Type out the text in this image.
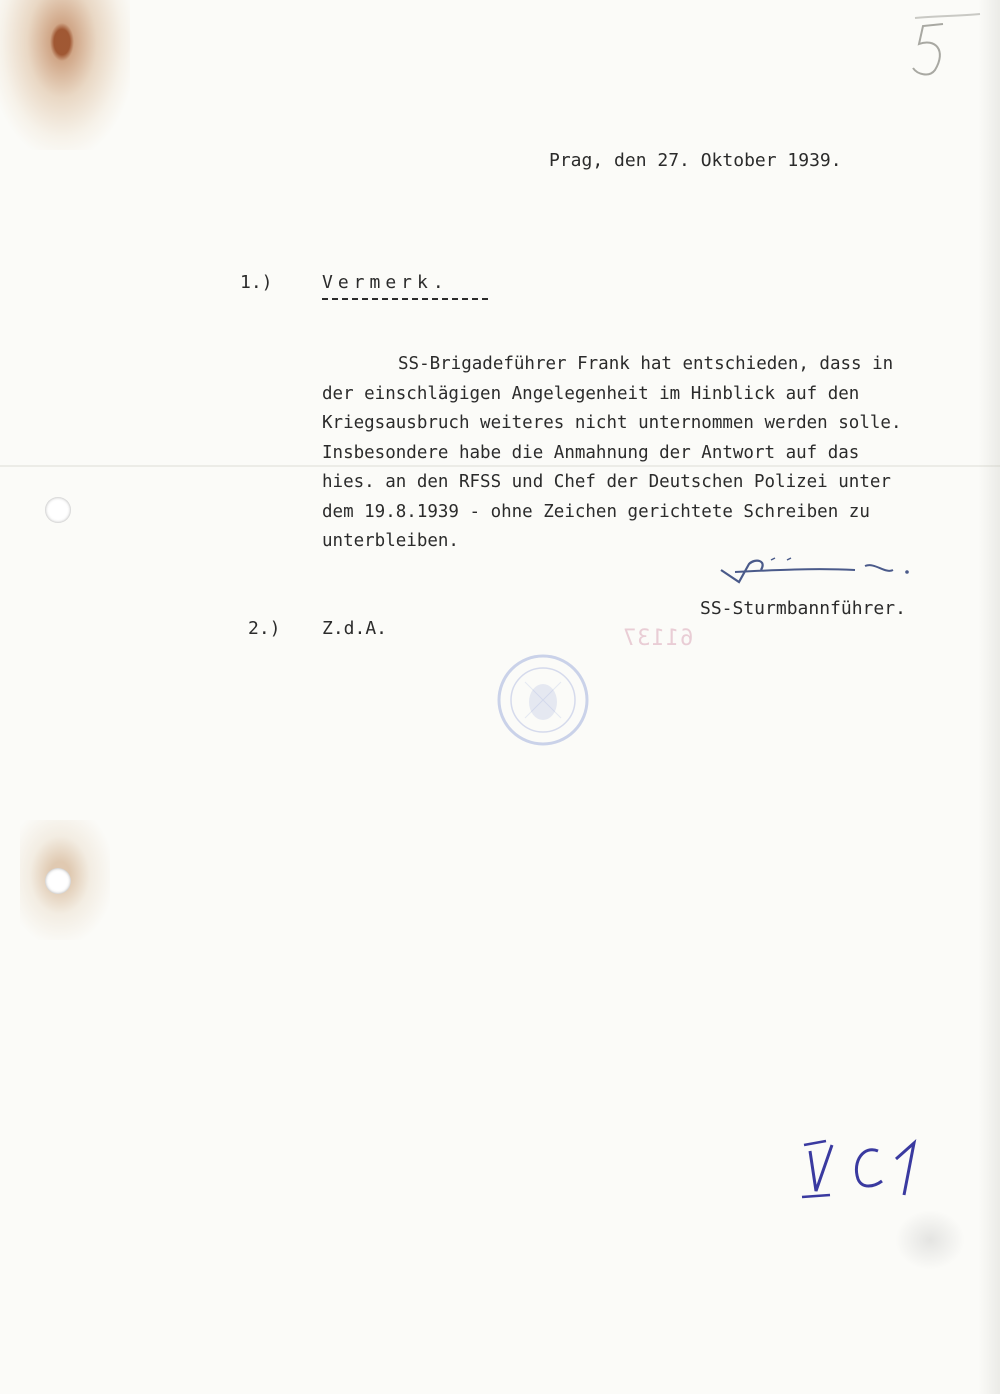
Prag, den 27. Oktober 1939.
1.)	Vermerk.
SS-Brigadeführer Frank hat entschieden, dass in
der einschlägigen Angelegenheit im Hinblick auf den
Kriegsausbruch weiteres nicht unternommen werden solle.
Insbesondere habe die Anmahnung der Antwort auf das
hies. an den RFSS und Chef der Deutschen Polizei unter
dem 19.8.1939 - ohne Zeichen gerichtete Schreiben zu
unterbleiben.
SS-Sturmbannführer.
2.) Z.d.A.	61137
